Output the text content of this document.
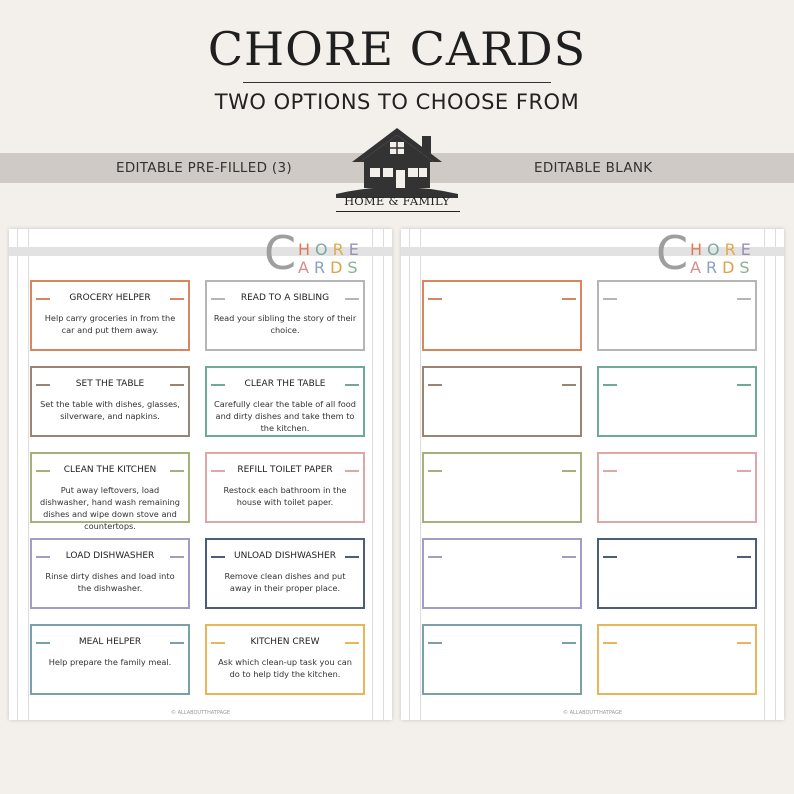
CHORE CARDS
TWO OPTIONS TO CHOOSE FROM
EDITABLE PRE-FILLED (3)	EDITABLE BLANK
HOME & FAMILY
C HORE
ARDS
GROCERY HELPER
Help carry groceries in from the car and put them away.
READ TO A SIBLING
Read your sibling the story of their choice.
SET THE TABLE
Set the table with dishes, glasses, silverware, and napkins.
CLEAR THE TABLE
Carefully clear the table of all food and dirty dishes and take them to the kitchen.
CLEAN THE KITCHEN
Put away leftovers, load dishwasher, hand wash remaining dishes and wipe down stove and countertops.
REFILL TOILET PAPER
Restock each bathroom in the house with toilet paper.
LOAD DISHWASHER
Rinse dirty dishes and load into the dishwasher.
UNLOAD DISHWASHER
Remove clean dishes and put away in their proper place.
MEAL HELPER
Help prepare the family meal.
KITCHEN CREW
Ask which clean-up task you can do to help tidy the kitchen.
© ALLABOUTTHATPAGE
C HORE
ARDS
© ALLABOUTTHATPAGE
